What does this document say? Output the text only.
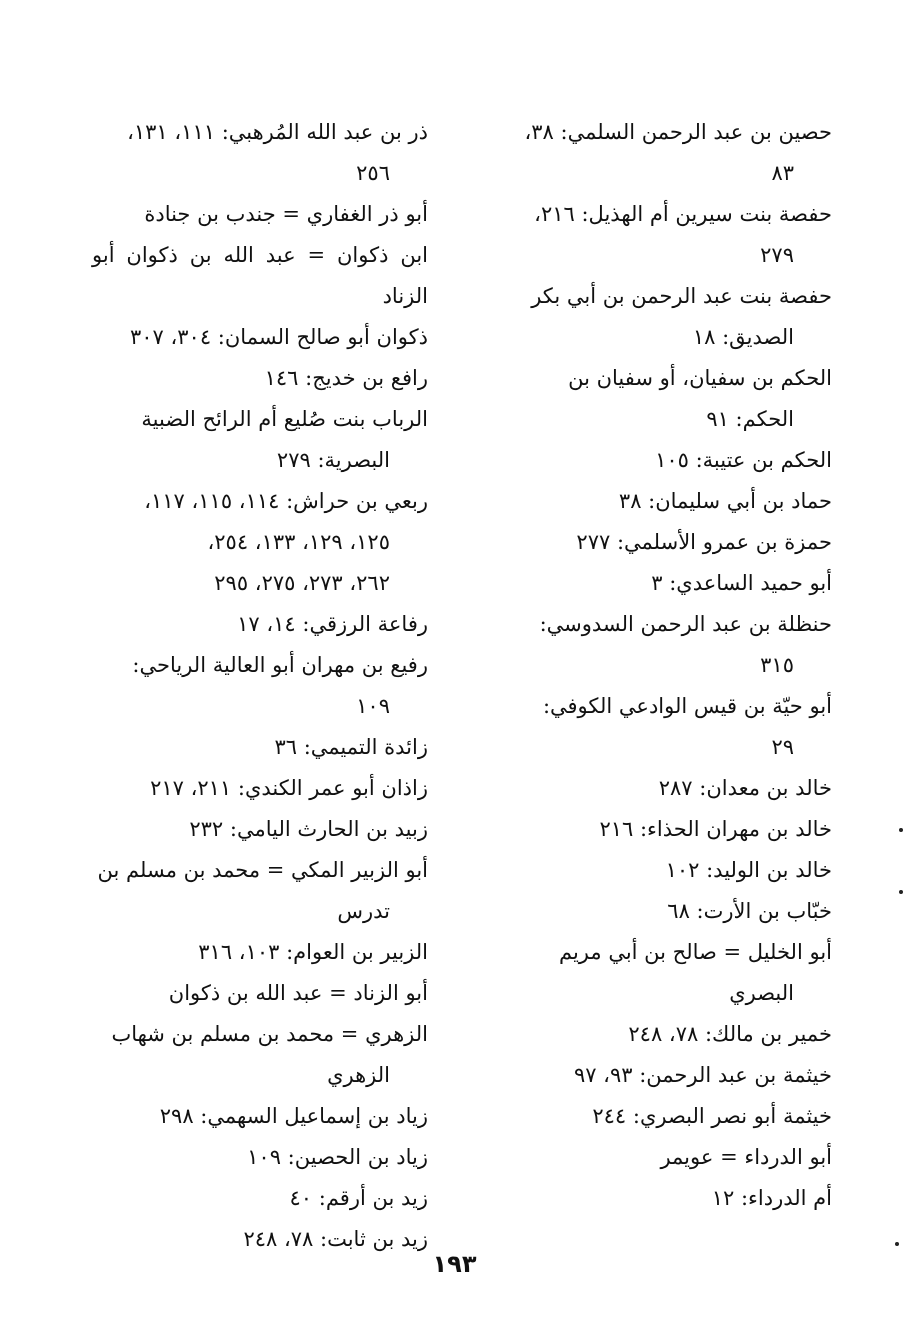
حصين بن عبد الرحمن السلمي: ٣٨،
٨٣

حفصة بنت سيرين أم الهذيل: ٢١٦،
٢٧٩

حفصة بنت عبد الرحمن بن أبي بكر
الصديق: ١٨

الحكم بن سفيان، أو سفيان بن
الحكم: ٩١

الحكم بن عتيبة: ١٠٥

حماد بن أبي سليمان: ٣٨

حمزة بن عمرو الأسلمي: ٢٧٧

أبو حميد الساعدي: ٣

حنظلة بن عبد الرحمن السدوسي:
٣١٥

أبو حيّة بن قيس الوادعي الكوفي:
٢٩

خالد بن معدان: ٢٨٧

خالد بن مهران الحذاء: ٢١٦

خالد بن الوليد: ١٠٢

خبّاب بن الأرت: ٦٨

أبو الخليل = صالح بن أبي مريم
البصري

خمير بن مالك: ٧٨، ٢٤٨

خيثمة بن عبد الرحمن: ٩٣، ٩٧

خيثمة أبو نصر البصري: ٢٤٤

أبو الدرداء = عويمر

أم الدرداء: ١٢

ذر بن عبد الله المُرهبي: ١١١، ١٣١،
٢٥٦

أبو ذر الغفاري = جندب بن جنادة

ابن ذكوان = عبد الله بن ذكوان أبو الزناد

ذكوان أبو صالح السمان: ٣٠٤، ٣٠٧

رافع بن خديج: ١٤٦

الرباب بنت صُليع أم الرائح الضبية
البصرية: ٢٧٩

ربعي بن حراش: ١١٤، ١١٥، ١١٧،
١٢٥، ١٢٩، ١٣٣، ٢٥٤،
٢٦٢، ٢٧٣، ٢٧٥، ٢٩٥

رفاعة الرزقي: ١٤، ١٧

رفيع بن مهران أبو العالية الرياحي:
١٠٩

زائدة التميمي: ٣٦

زاذان أبو عمر الكندي: ٢١١، ٢١٧

زبيد بن الحارث اليامي: ٢٣٢

أبو الزبير المكي = محمد بن مسلم بن
تدرس

الزبير بن العوام: ١٠٣، ٣١٦

أبو الزناد = عبد الله بن ذكوان

الزهري = محمد بن مسلم بن شهاب
الزهري

زياد بن إسماعيل السهمي: ٢٩٨

زياد بن الحصين: ١٠٩

زيد بن أرقم: ٤٠

زيد بن ثابت: ٧٨، ٢٤٨

١٩٣
